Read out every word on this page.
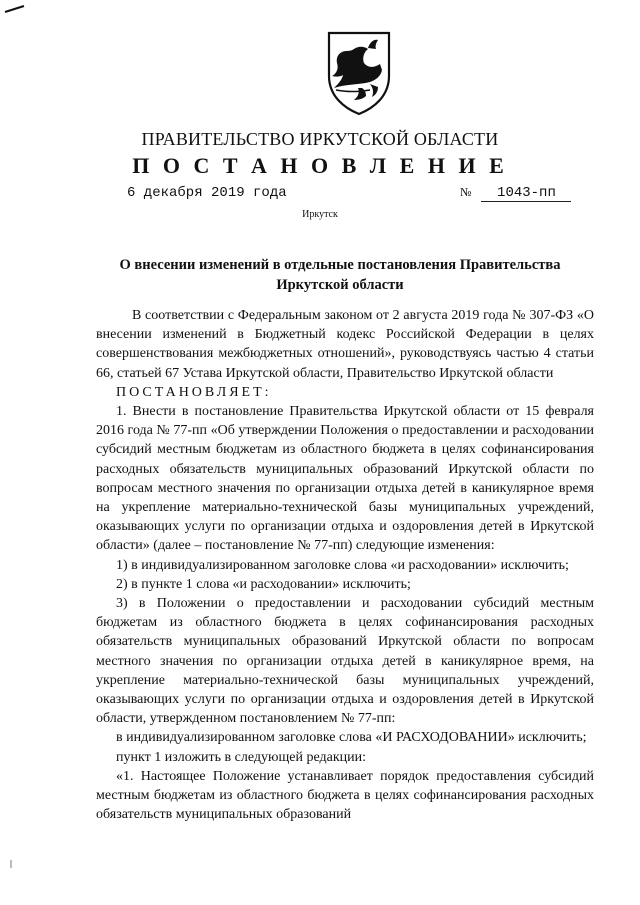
ПРАВИТЕЛЬСТВО ИРКУТСКОЙ ОБЛАСТИ
П О С Т А Н О В Л Е Н И Е
6 декабря 2019 года	№ 1043-пп
Иркутск
О внесении изменений в отдельные постановления Правительства Иркутской области

В соответствии с Федеральным законом от 2 августа 2019 года № 307-ФЗ «О внесении изменений в Бюджетный кодекс Российской Федерации в целях совершенствования межбюджетных отношений», руководствуясь частью 4 статьи 66, статьей 67 Устава Иркутской области, Правительство Иркутской области

ПОСТАНОВЛЯЕТ:

1. Внести в постановление Правительства Иркутской области от 15 февраля 2016 года № 77-пп «Об утверждении Положения о предоставлении и расходовании субсидий местным бюджетам из областного бюджета в целях софинансирования расходных обязательств муниципальных образований Иркутской области по вопросам местного значения по организации отдыха детей в каникулярное время на укрепление материально-технической базы муниципальных учреждений, оказывающих услуги по организации отдыха и оздоровления детей в Иркутской области» (далее – постановление № 77-пп) следующие изменения:

1) в индивидуализированном заголовке слова «и расходовании» исключить;

2) в пункте 1 слова «и расходовании» исключить;

3) в Положении о предоставлении и расходовании субсидий местным бюджетам из областного бюджета в целях софинансирования расходных обязательств муниципальных образований Иркутской области по вопросам местного значения по организации отдыха детей в каникулярное время, на укрепление материально-технической базы муниципальных учреждений, оказывающих услуги по организации отдыха и оздоровления детей в Иркутской области, утвержденном постановлением № 77-пп:

в индивидуализированном заголовке слова «И РАСХОДОВАНИИ» исключить;

пункт 1 изложить в следующей редакции:

«1. Настоящее Положение устанавливает порядок предоставления субсидий местным бюджетам из областного бюджета в целях софинансирования расходных обязательств муниципальных образований
